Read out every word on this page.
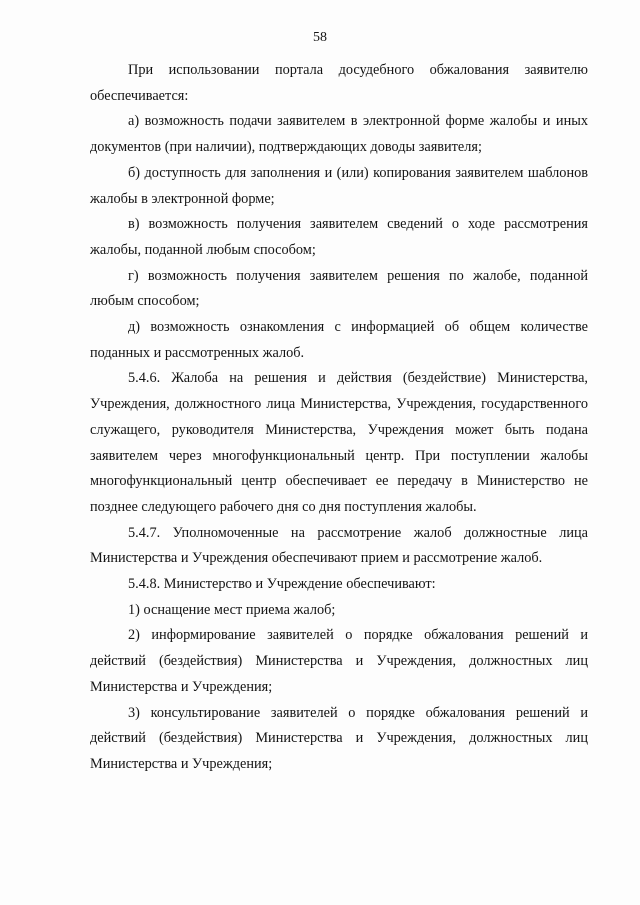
58

При использовании портала досудебного обжалования заявителю обеспечивается:

а) возможность подачи заявителем в электронной форме жалобы и иных документов (при наличии), подтверждающих доводы заявителя;

б) доступность для заполнения и (или) копирования заявителем шаблонов жалобы в электронной форме;

в) возможность получения заявителем сведений о ходе рассмотрения жалобы, поданной любым способом;

г) возможность получения заявителем решения по жалобе, поданной любым способом;

д) возможность ознакомления с информацией об общем количестве поданных и рассмотренных жалоб.

5.4.6. Жалоба на решения и действия (бездействие) Министерства, Учреждения, должностного лица Министерства, Учреждения, государственного служащего, руководителя Министерства, Учреждения может быть подана заявителем через многофункциональный центр. При поступлении жалобы многофункциональный центр обеспечивает ее передачу в Министерство не позднее следующего рабочего дня со дня поступления жалобы.

5.4.7. Уполномоченные на рассмотрение жалоб должностные лица Министерства и Учреждения обеспечивают прием и рассмотрение жалоб.

5.4.8. Министерство и Учреждение обеспечивают:

1) оснащение мест приема жалоб;

2) информирование заявителей о порядке обжалования решений и действий (бездействия) Министерства и Учреждения, должностных лиц Министерства и Учреждения;

3) консультирование заявителей о порядке обжалования решений и действий (бездействия) Министерства и Учреждения, должностных лиц Министерства и Учреждения;
